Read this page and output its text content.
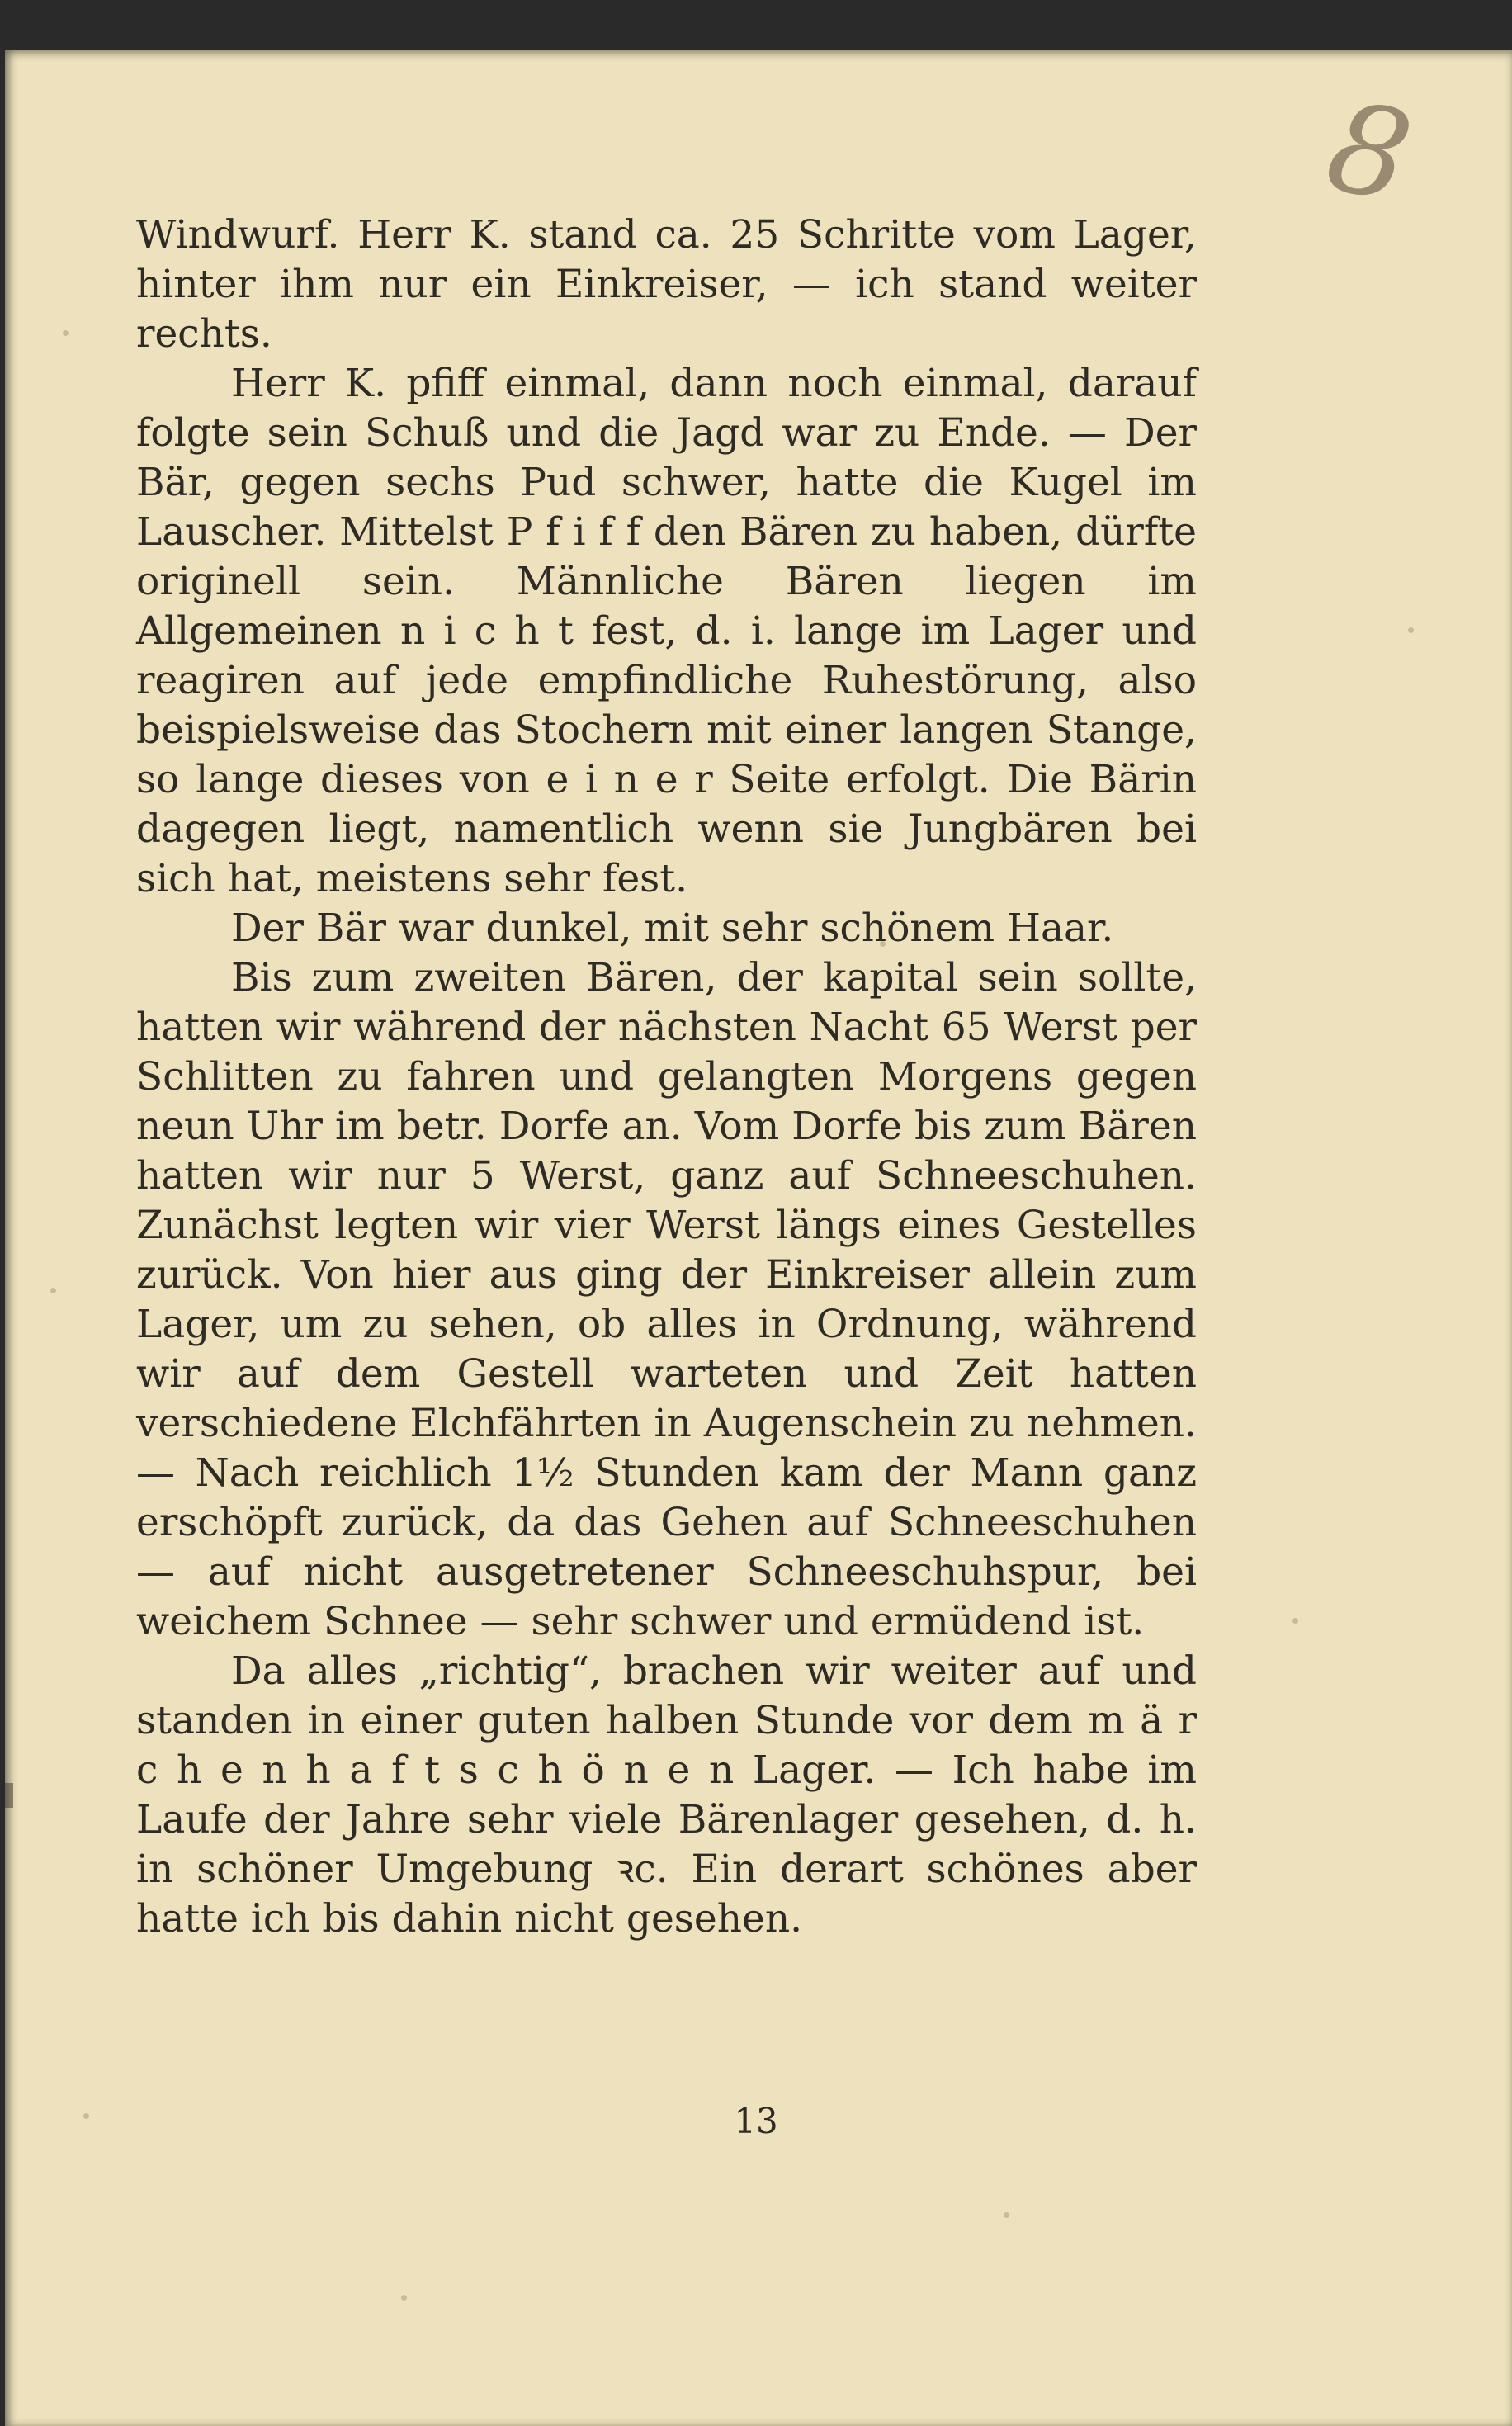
8

Windwurf. Herr K. stand ca. 25 Schritte vom Lager, hinter ihm nur ein Einkreiser, — ich stand weiter rechts.

Herr K. pfiff einmal, dann noch einmal, darauf folgte sein Schuß und die Jagd war zu Ende. — Der Bär, gegen sechs Pud schwer, hatte die Kugel im Lauscher. Mittelst P f i f f den Bären zu haben, dürfte originell sein. Männliche Bären liegen im Allgemeinen n i c h t fest, d. i. lange im Lager und reagiren auf jede empfindliche Ruhestörung, also beispielsweise das Stochern mit einer langen Stange, so lange dieses von e i n e r Seite erfolgt. Die Bärin dagegen liegt, namentlich wenn sie Jungbären bei sich hat, meistens sehr fest.

Der Bär war dunkel, mit sehr schönem Haar.

Bis zum zweiten Bären, der kapital sein sollte, hatten wir während der nächsten Nacht 65 Werst per Schlitten zu fahren und gelangten Morgens gegen neun Uhr im betr. Dorfe an. Vom Dorfe bis zum Bären hatten wir nur 5 Werst, ganz auf Schneeschuhen. Zunächst legten wir vier Werst längs eines Gestelles zurück. Von hier aus ging der Einkreiser allein zum Lager, um zu sehen, ob alles in Ordnung, während wir auf dem Gestell warteten und Zeit hatten verschiedene Elchfährten in Augenschein zu nehmen. — Nach reichlich 1½ Stunden kam der Mann ganz erschöpft zurück, da das Gehen auf Schneeschuhen — auf nicht ausgetretener Schneeschuhspur, bei weichem Schnee — sehr schwer und ermüdend ist.

Da alles „richtig“, brachen wir weiter auf und standen in einer guten halben Stunde vor dem m ä r c h e n h a f t s c h ö n e n Lager. — Ich habe im Laufe der Jahre sehr viele Bärenlager gesehen, d. h. in schöner Umgebung ꝛc. Ein derart schönes aber hatte ich bis dahin nicht gesehen.

13
